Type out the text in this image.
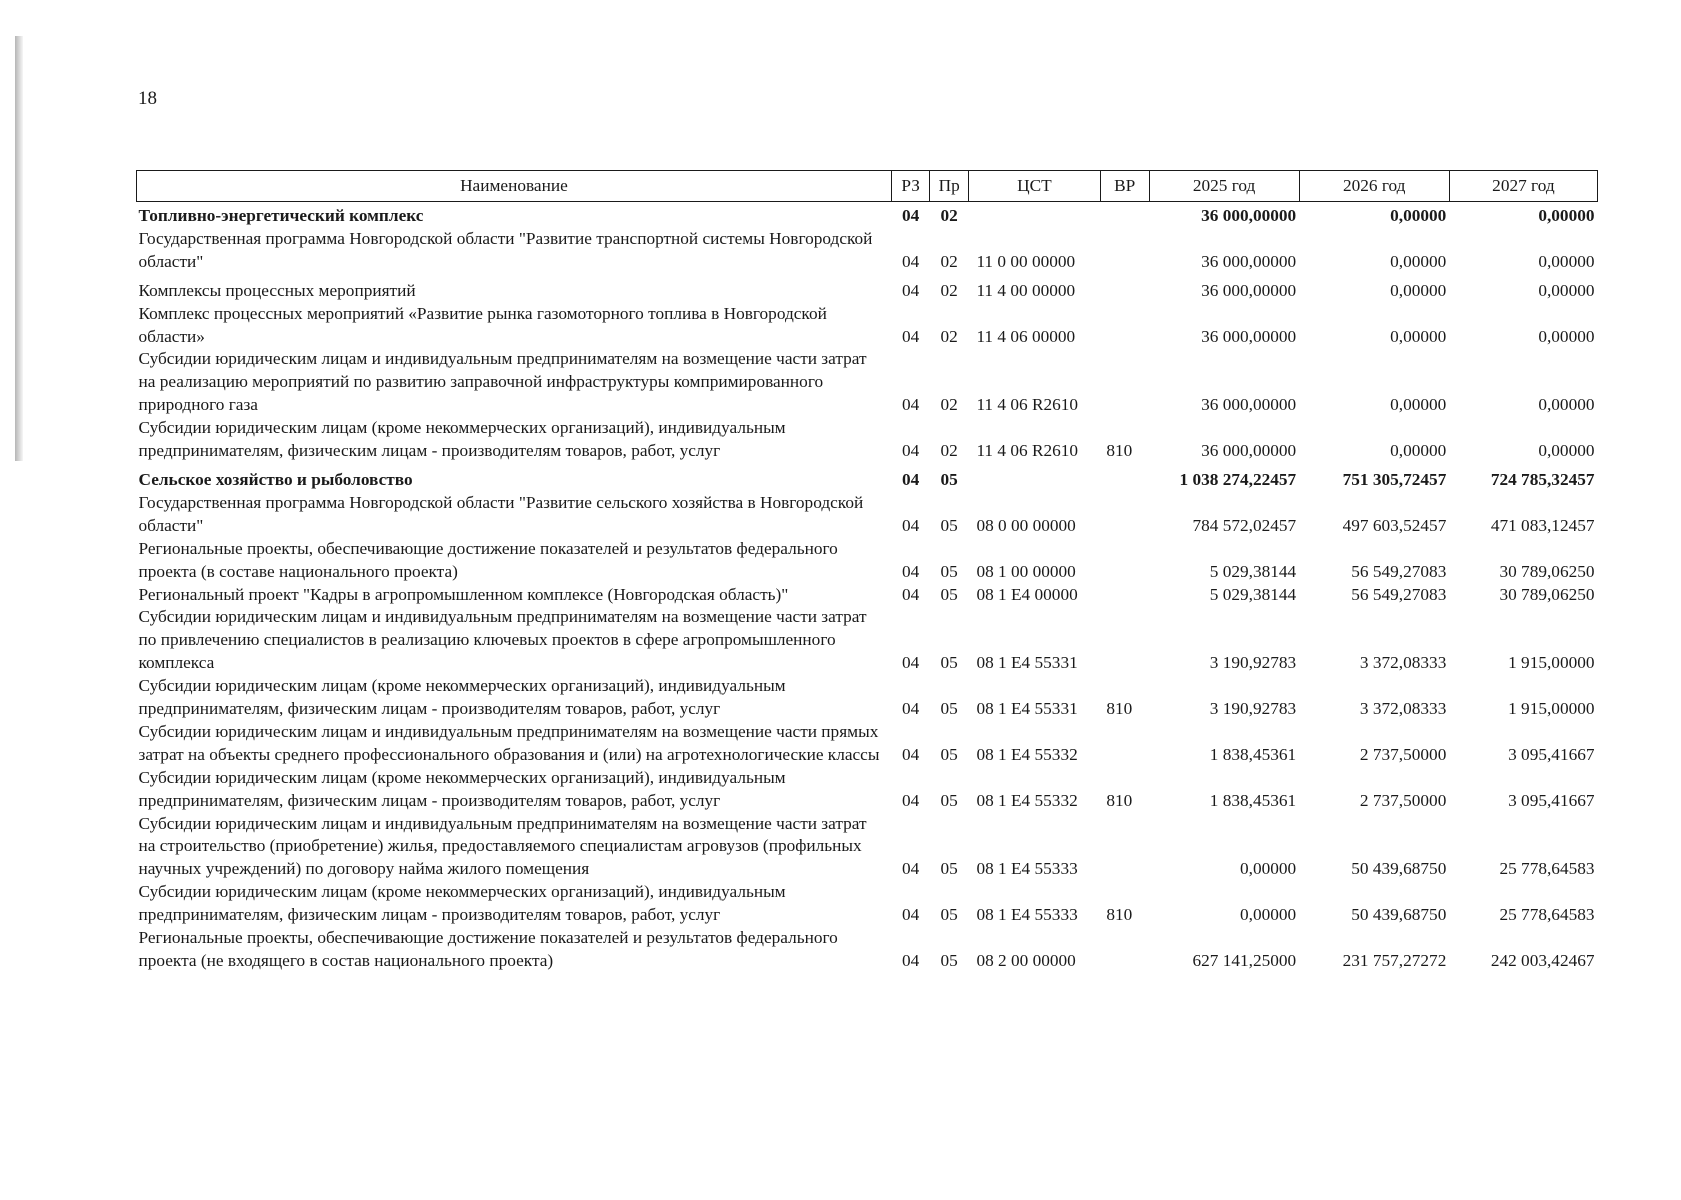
18
Наименование	РЗ	Пр	ЦСТ	ВР	2025 год	2026 год	2027 год
Топливно-энергетический комплекс	04	02			36 000,00000	0,00000	0,00000
Государственная программа Новгородской области "Развитие транспортной системы Новгородской области"	04	02	11 0 00 00000		36 000,00000	0,00000	0,00000
Комплексы процессных мероприятий	04	02	11 4 00 00000		36 000,00000	0,00000	0,00000
Комплекс процессных мероприятий «Развитие рынка газомоторного топлива в Новгородской области»	04	02	11 4 06 00000		36 000,00000	0,00000	0,00000
Субсидии юридическим лицам и индивидуальным предпринимателям на возмещение части затрат на реализацию мероприятий по развитию заправочной инфраструктуры компримированного природного газа	04	02	11 4 06 R2610		36 000,00000	0,00000	0,00000
Субсидии юридическим лицам (кроме некоммерческих организаций), индивидуальным предпринимателям, физическим лицам - производителям товаров, работ, услуг	04	02	11 4 06 R2610	810	36 000,00000	0,00000	0,00000
Сельское хозяйство и рыболовство	04	05			1 038 274,22457	751 305,72457	724 785,32457
Государственная программа Новгородской области "Развитие сельского хозяйства в Новгородской области"	04	05	08 0 00 00000		784 572,02457	497 603,52457	471 083,12457
Региональные проекты, обеспечивающие достижение показателей и результатов федерального проекта (в составе национального проекта)	04	05	08 1 00 00000		5 029,38144	56 549,27083	30 789,06250
Региональный проект "Кадры в агропромышленном комплексе (Новгородская область)"	04	05	08 1 Е4 00000		5 029,38144	56 549,27083	30 789,06250
Субсидии юридическим лицам и индивидуальным предпринимателям на возмещение части затрат по привлечению специалистов в реализацию ключевых проектов в сфере агропромышленного комплекса	04	05	08 1 Е4 55331		3 190,92783	3 372,08333	1 915,00000
Субсидии юридическим лицам (кроме некоммерческих организаций), индивидуальным предпринимателям, физическим лицам - производителям товаров, работ, услуг	04	05	08 1 Е4 55331	810	3 190,92783	3 372,08333	1 915,00000
Субсидии юридическим лицам и индивидуальным предпринимателям на возмещение части прямых затрат на объекты среднего профессионального образования и (или) на агротехнологические классы	04	05	08 1 Е4 55332		1 838,45361	2 737,50000	3 095,41667
Субсидии юридическим лицам (кроме некоммерческих организаций), индивидуальным предпринимателям, физическим лицам - производителям товаров, работ, услуг	04	05	08 1 Е4 55332	810	1 838,45361	2 737,50000	3 095,41667
Субсидии юридическим лицам и индивидуальным предпринимателям на возмещение части затрат на строительство (приобретение) жилья, предоставляемого специалистам агровузов (профильных научных учреждений) по договору найма жилого помещения	04	05	08 1 Е4 55333		0,00000	50 439,68750	25 778,64583
Субсидии юридическим лицам (кроме некоммерческих организаций), индивидуальным предпринимателям, физическим лицам - производителям товаров, работ, услуг	04	05	08 1 Е4 55333	810	0,00000	50 439,68750	25 778,64583
Региональные проекты, обеспечивающие достижение показателей и результатов федерального проекта (не входящего в состав национального проекта)	04	05	08 2 00 00000		627 141,25000	231 757,27272	242 003,42467
